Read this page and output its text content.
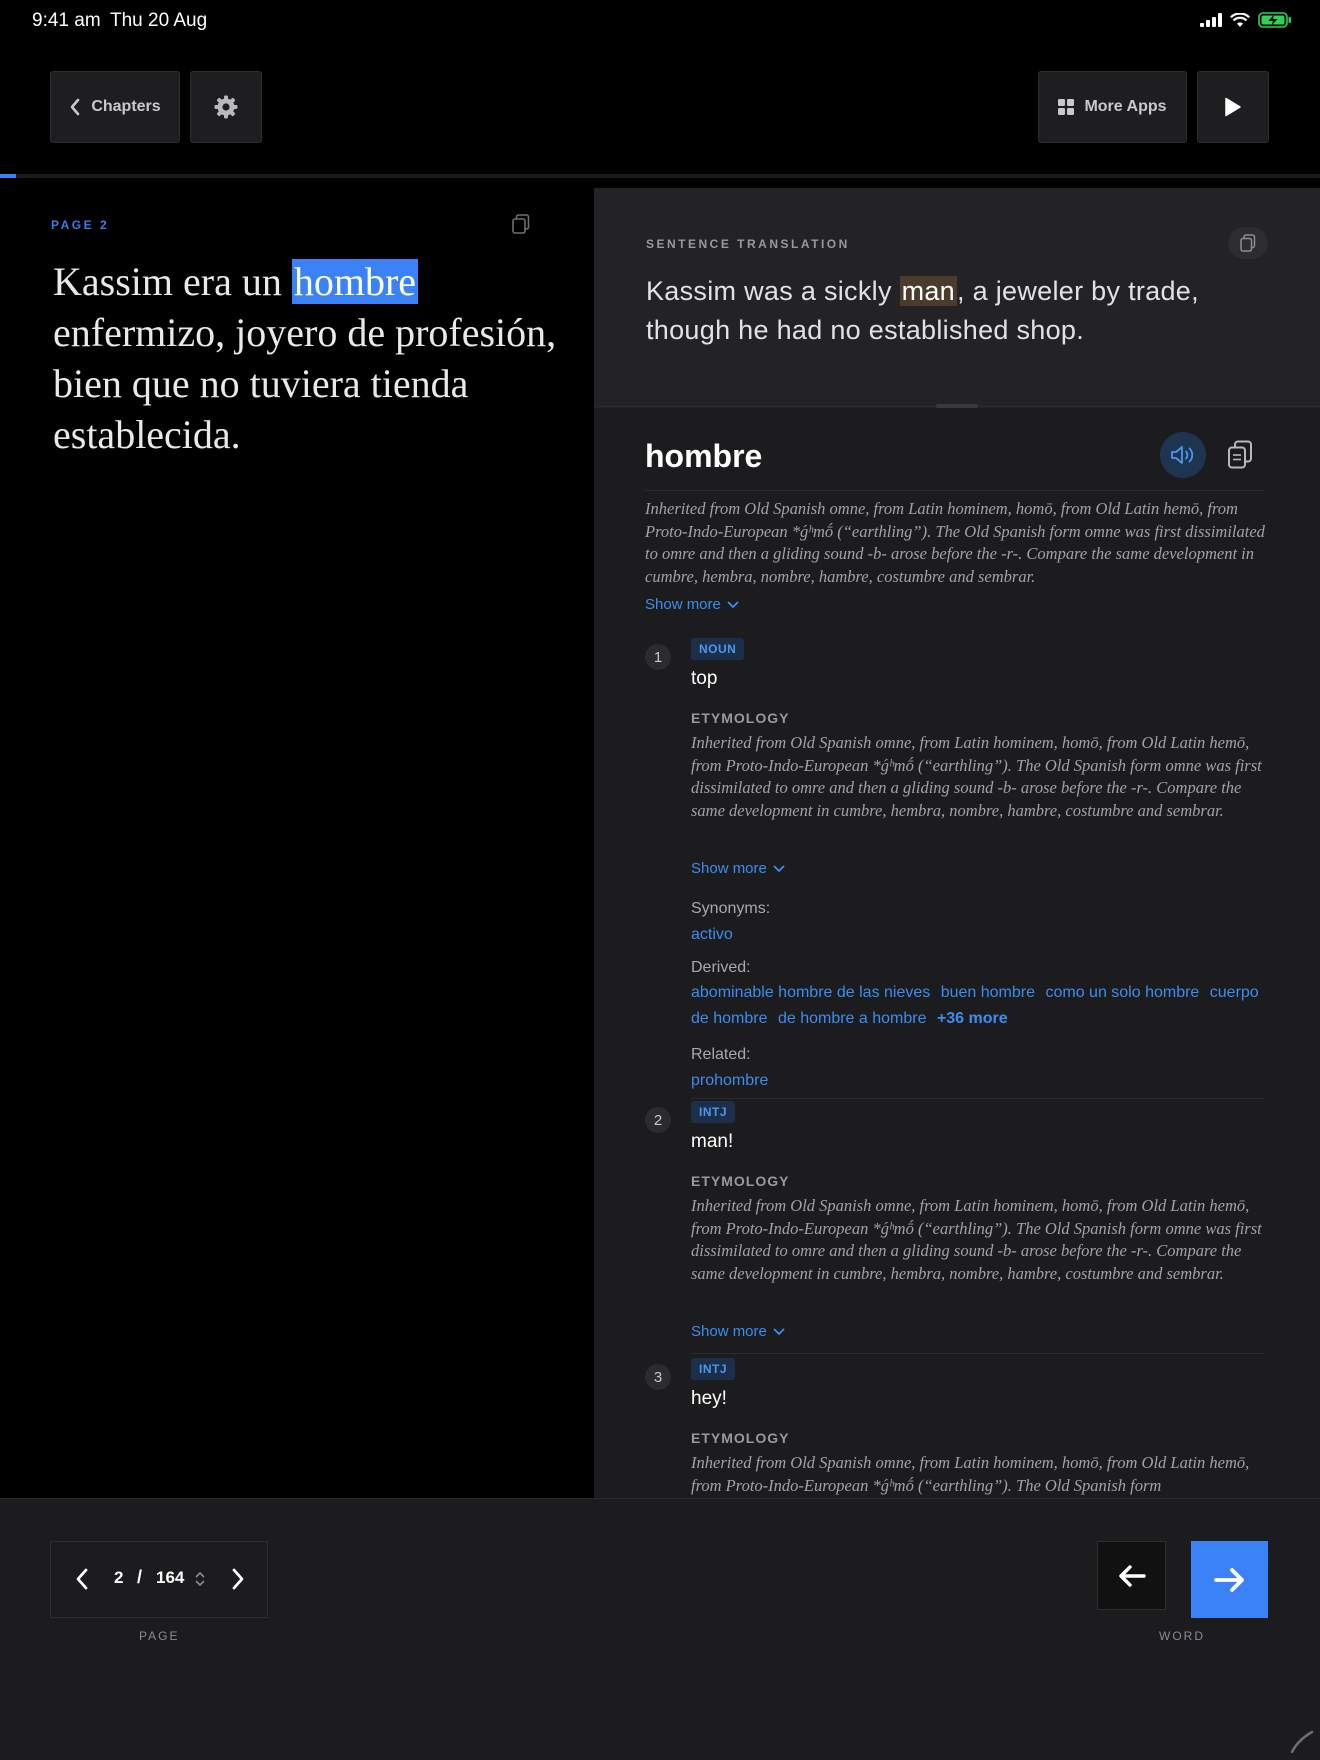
9:41 am Thu 20 Aug
Chapters	More Apps
PAGE 2
Kassim era un hombre enfermizo, joyero de profesión, bien que no tuviera tienda establecida.
SENTENCE TRANSLATION
Kassim was a sickly man, a jeweler by trade, though he had no established shop.
hombre
Inherited from Old Spanish omne, from Latin hominem, homō, from Old Latin hemō, from Proto-Indo-European *ǵʰmṓ (“earthling”). The Old Spanish form omne was first dissimilated to omre and then a gliding sound -b- arose before the -r-. Compare the same development in cumbre, hembra, nombre, hambre, costumbre and sembrar.
Show more
1	NOUN
top
ETYMOLOGY
Inherited from Old Spanish omne, from Latin hominem, homō, from Old Latin hemō, from Proto-Indo-European *ǵʰmṓ (“earthling”). The Old Spanish form omne was first dissimilated to omre and then a gliding sound -b- arose before the -r-. Compare the same development in cumbre, hembra, nombre, hambre, costumbre and sembrar.
Show more
Synonyms:
activo
Derived:
abominable hombre de las nieves buen hombre como un solo hombre cuerpo de hombre de hombre a hombre +36 more
Related:
prohombre
2	INTJ
man!
ETYMOLOGY
Inherited from Old Spanish omne, from Latin hominem, homō, from Old Latin hemō, from Proto-Indo-European *ǵʰmṓ (“earthling”). The Old Spanish form omne was first dissimilated to omre and then a gliding sound -b- arose before the -r-. Compare the same development in cumbre, hembra, nombre, hambre, costumbre and sembrar.
Show more
3	INTJ
hey!
ETYMOLOGY
Inherited from Old Spanish omne, from Latin hominem, homō, from Old Latin hemō, from Proto-Indo-European *ǵʰmṓ (“earthling”). The Old Spanish form
2 / 164
PAGE	WORD
